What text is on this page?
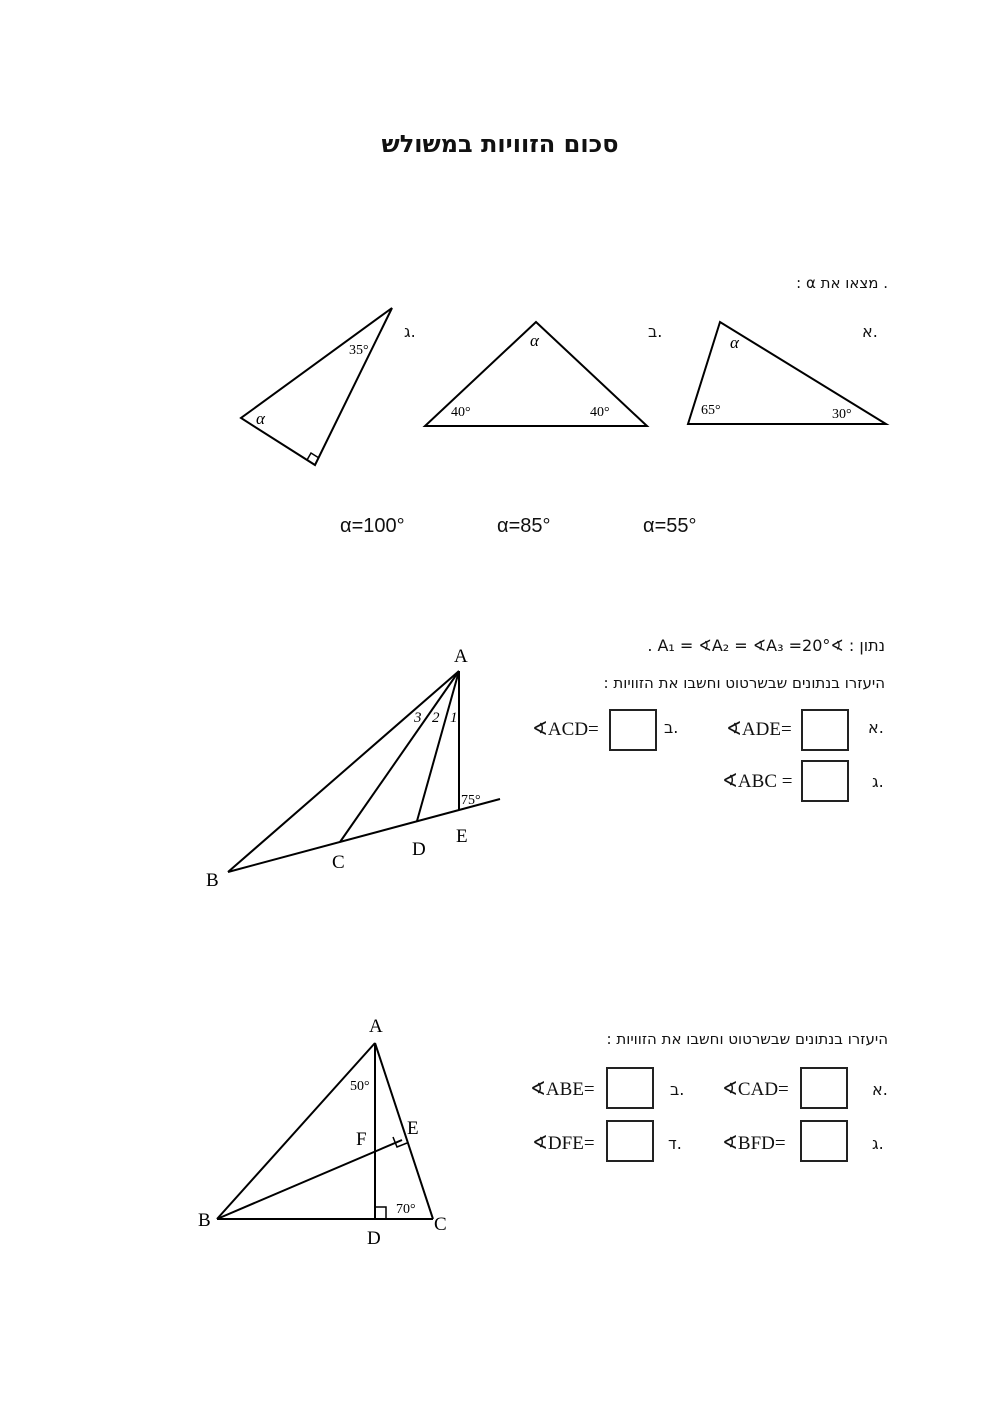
סכום הזוויות במשולש
. מצאו את α :
א.
ב.
ג.
α
65°	30°
α
40°	40°
35°
α
α=100°	α=85°	α=55°
A
B
C
D
E
3 2 1
75°
נתון : ∢A₁ = ∢A₂ = ∢A₃ =20° .
היעזרו בנתונים שבשרטוט וחשבו את הזוויות :
א.
∢ADE=
ב.
∢ACD=
ג.
∢ABC =
A
B	C
D
E
F
50°
70°
היעזרו בנתונים שבשרטוט וחשבו את הזוויות :
א.
∢CAD=
ב.
∢ABE=
ג.
∢BFD=
ד.
∢DFE=
